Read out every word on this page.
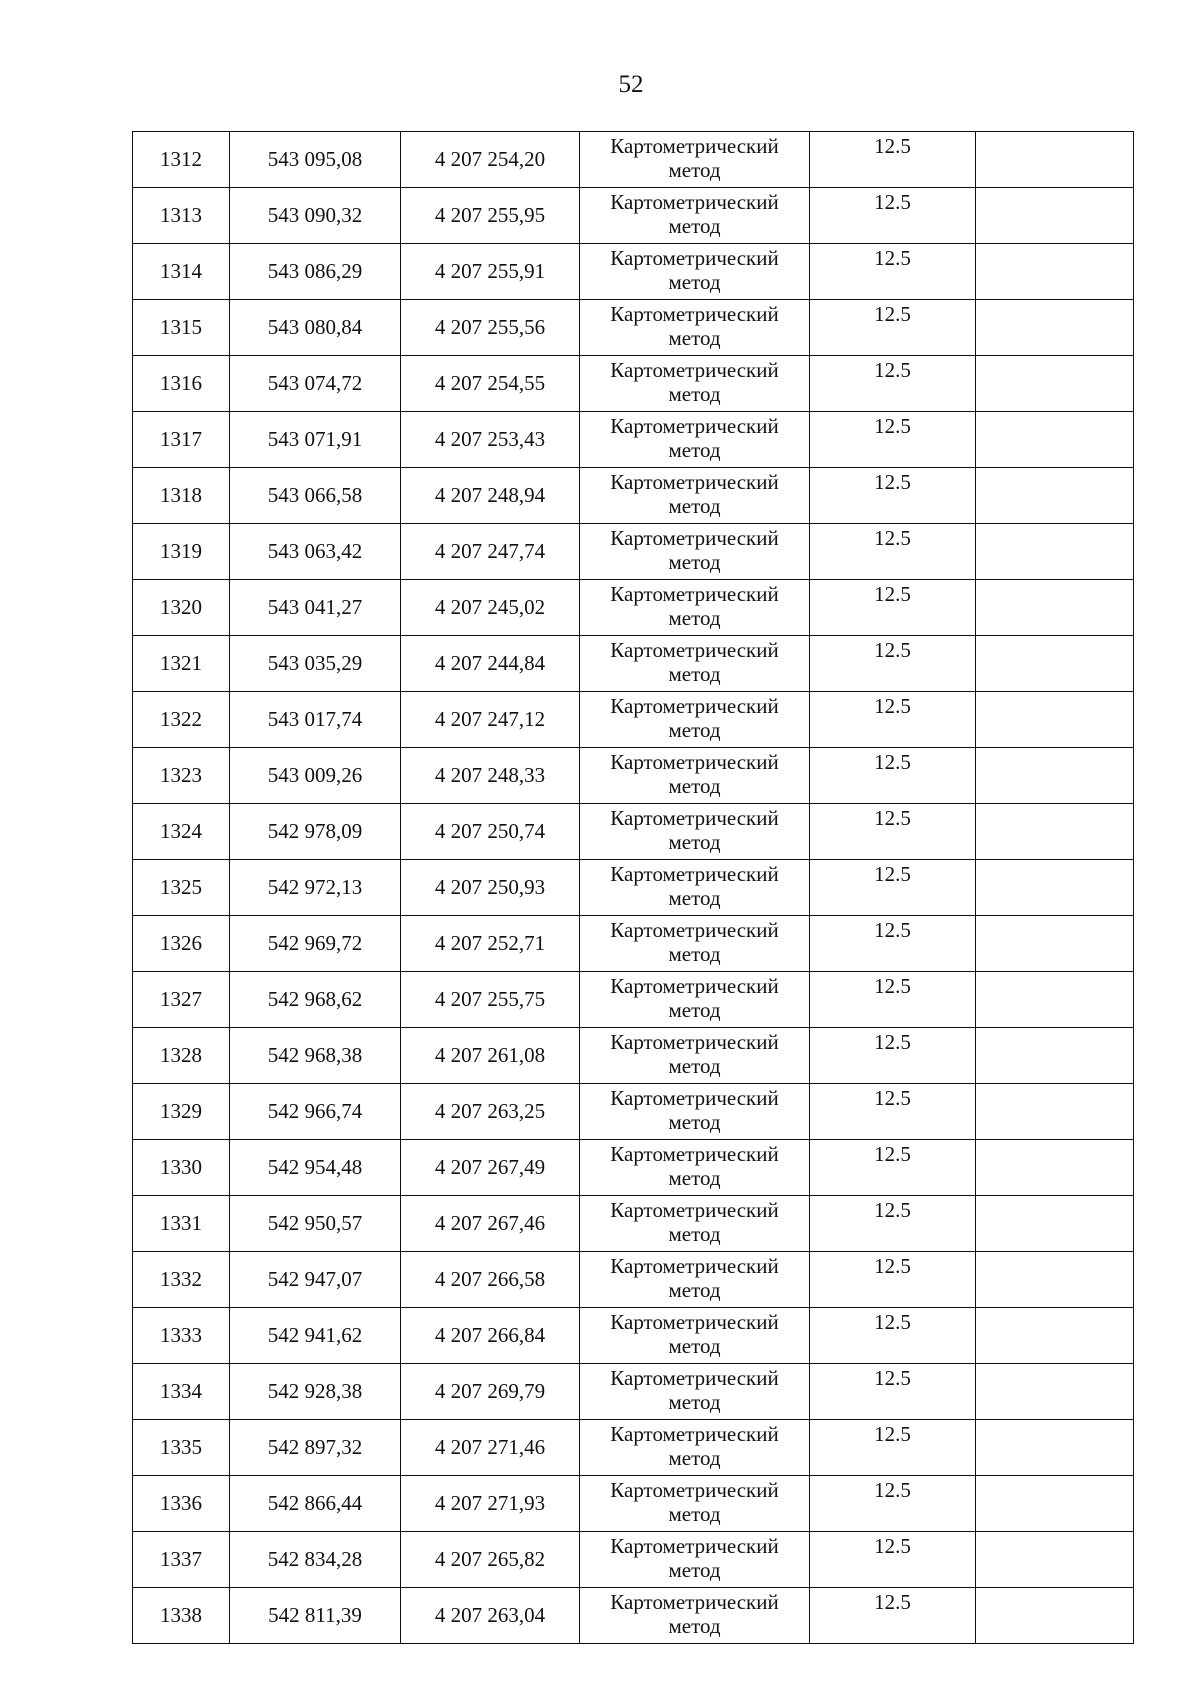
52
1312	543 095,08	4 207 254,20	Картометрический
метод	12.5	
1313	543 090,32	4 207 255,95	Картометрический
метод	12.5	
1314	543 086,29	4 207 255,91	Картометрический
метод	12.5	
1315	543 080,84	4 207 255,56	Картометрический
метод	12.5	
1316	543 074,72	4 207 254,55	Картометрический
метод	12.5	
1317	543 071,91	4 207 253,43	Картометрический
метод	12.5	
1318	543 066,58	4 207 248,94	Картометрический
метод	12.5	
1319	543 063,42	4 207 247,74	Картометрический
метод	12.5	
1320	543 041,27	4 207 245,02	Картометрический
метод	12.5	
1321	543 035,29	4 207 244,84	Картометрический
метод	12.5	
1322	543 017,74	4 207 247,12	Картометрический
метод	12.5	
1323	543 009,26	4 207 248,33	Картометрический
метод	12.5	
1324	542 978,09	4 207 250,74	Картометрический
метод	12.5	
1325	542 972,13	4 207 250,93	Картометрический
метод	12.5	
1326	542 969,72	4 207 252,71	Картометрический
метод	12.5	
1327	542 968,62	4 207 255,75	Картометрический
метод	12.5	
1328	542 968,38	4 207 261,08	Картометрический
метод	12.5	
1329	542 966,74	4 207 263,25	Картометрический
метод	12.5	
1330	542 954,48	4 207 267,49	Картометрический
метод	12.5	
1331	542 950,57	4 207 267,46	Картометрический
метод	12.5	
1332	542 947,07	4 207 266,58	Картометрический
метод	12.5	
1333	542 941,62	4 207 266,84	Картометрический
метод	12.5	
1334	542 928,38	4 207 269,79	Картометрический
метод	12.5	
1335	542 897,32	4 207 271,46	Картометрический
метод	12.5	
1336	542 866,44	4 207 271,93	Картометрический
метод	12.5	
1337	542 834,28	4 207 265,82	Картометрический
метод	12.5	
1338	542 811,39	4 207 263,04	Картометрический
метод	12.5	
